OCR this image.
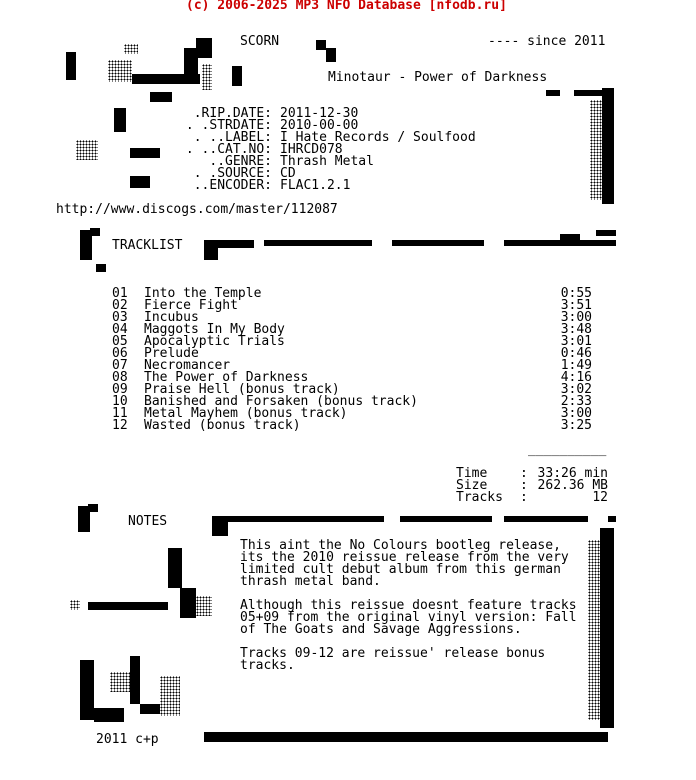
(c) 2006-2025 MP3 NFO Database [nfodb.ru]
SCORN	---- since 2011
Minotaur - Power of Darkness
.RIP.DATE: 2011-12-30
. .STRDATE: 2010-00-00
. ..LABEL: I Hate Records / Soulfood
. ..CAT.NO: IHRCD078
..GENRE: Thrash Metal
. .SOURCE: CD
..ENCODER: FLAC1.2.1
http://www.discogs.com/master/112087
TRACKLIST
01 Into the Temple	0:55
02 Fierce Fight	3:51
03 Incubus	3:00
04 Maggots In My Body	3:48
05 Apocalyptic Trials	3:01
06 Prelude	0:46
07 Necromancer	1:49
08 The Power of Darkness	4:16
09 Praise Hell (bonus track)	3:02
10 Banished and Forsaken (bonus track)	2:33
11 Metal Mayhem (bonus track)	3:00
12 Wasted (bonus track)	3:25
__________
Time	: 33:26 min
Size	: 262.36 MB
Tracks :	12
NOTES
This aint the No Colours bootleg release,
its the 2010 reissue release from the very
limited cult debut album from this german
thrash metal band.
Although this reissue doesnt feature tracks
05+09 from the original vinyl version: Fall
of The Goats and Savage Aggressions.
Tracks 09-12 are reissue' release bonus
tracks.
2011 c+p
